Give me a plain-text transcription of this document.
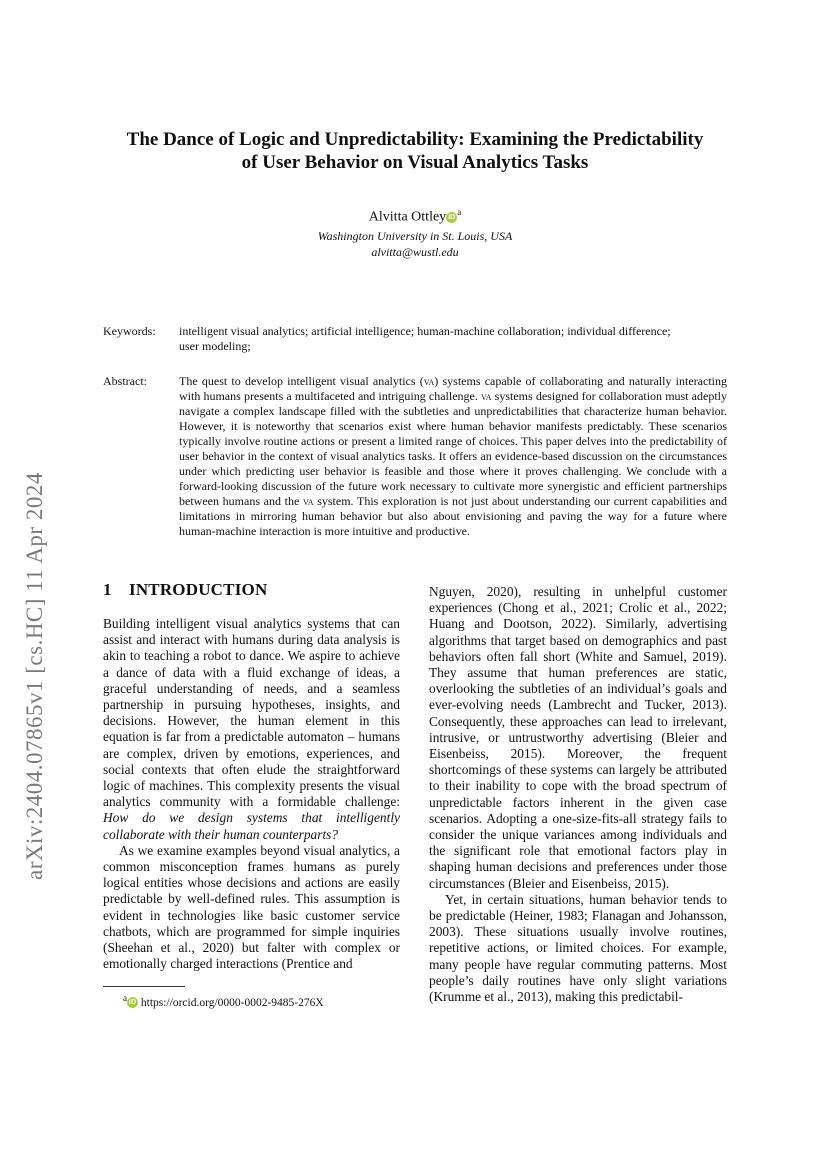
arXiv:2404.07865v1 [cs.HC] 11 Apr 2024
The Dance of Logic and Unpredictability: Examining the Predictability
of User Behavior on Visual Analytics Tasks
Alvitta Ottley $iD^a$
Washington University in St. Louis, USA
alvitta@wustl.edu
Keywords: intelligent visual analytics; artificial intelligence; human-machine collaboration; individual difference;
user modeling;
Abstract:	The quest to develop intelligent visual analytics (va) systems capable of collaborating and naturally interacting with humans presents a multifaceted and intriguing challenge. va systems designed for collaboration must adeptly navigate a complex landscape filled with the subtleties and unpredictabilities that characterize human behavior. However, it is noteworthy that scenarios exist where human behavior manifests predictably. These scenarios typically involve routine actions or present a limited range of choices. This paper delves into the predictability of user behavior in the context of visual analytics tasks. It offers an evidence-based discussion on the circumstances under which predicting user behavior is feasible and those where it proves challenging. We conclude with a forward-looking discussion of the future work necessary to cultivate more synergistic and efficient partnerships between humans and the va system. This exploration is not just about understanding our current capabilities and limitations in mirroring human behavior but also about envisioning and paving the way for a future where human-machine interaction is more intuitive and productive.
1 INTRODUCTION

Building intelligent visual analytics systems that can assist and interact with humans during data analysis is akin to teaching a robot to dance. We aspire to achieve a dance of data with a fluid exchange of ideas, a graceful understanding of needs, and a seamless partnership in pursuing hypotheses, insights, and decisions. However, the human element in this equation is far from a predictable automaton – humans are complex, driven by emotions, experiences, and social contexts that often elude the straightforward logic of machines. This complexity presents the visual analytics community with a formidable challenge: How do we design systems that intelligently collaborate with their human counterparts?

As we examine examples beyond visual analytics, a common misconception frames humans as purely logical entities whose decisions and actions are easily predictable by well-defined rules. This assumption is evident in technologies like basic customer service chatbots, which are programmed for simple inquiries (Sheehan et al., 2020) but falter with complex or emotionally charged interactions (Prentice and

Nguyen, 2020), resulting in unhelpful customer experiences (Chong et al., 2021; Crolic et al., 2022; Huang and Dootson, 2022). Similarly, advertising algorithms that target based on demographics and past behaviors often fall short (White and Samuel, 2019). They assume that human preferences are static, overlooking the subtleties of an individual’s goals and ever-evolving needs (Lambrecht and Tucker, 2013). Consequently, these approaches can lead to irrelevant, intrusive, or untrustworthy advertising (Bleier and Eisenbeiss, 2015). Moreover, the frequent shortcomings of these systems can largely be attributed to their inability to cope with the broad spectrum of unpredictable factors inherent in the given case scenarios. Adopting a one-size-fits-all strategy fails to consider the unique variances among individuals and the significant role that emotional factors play in shaping human decisions and preferences under those circumstances (Bleier and Eisenbeiss, 2015).

Yet, in certain situations, human behavior tends to be predictable (Heiner, 1983; Flanagan and Johansson, 2003). These situations usually involve routines, repetitive actions, or limited choices. For example, many people have regular commuting patterns. Most people’s daily routines have only slight variations (Krumme et al., 2013), making this predictabil-

$^a$ iD https://orcid.org/0000-0002-9485-276X
